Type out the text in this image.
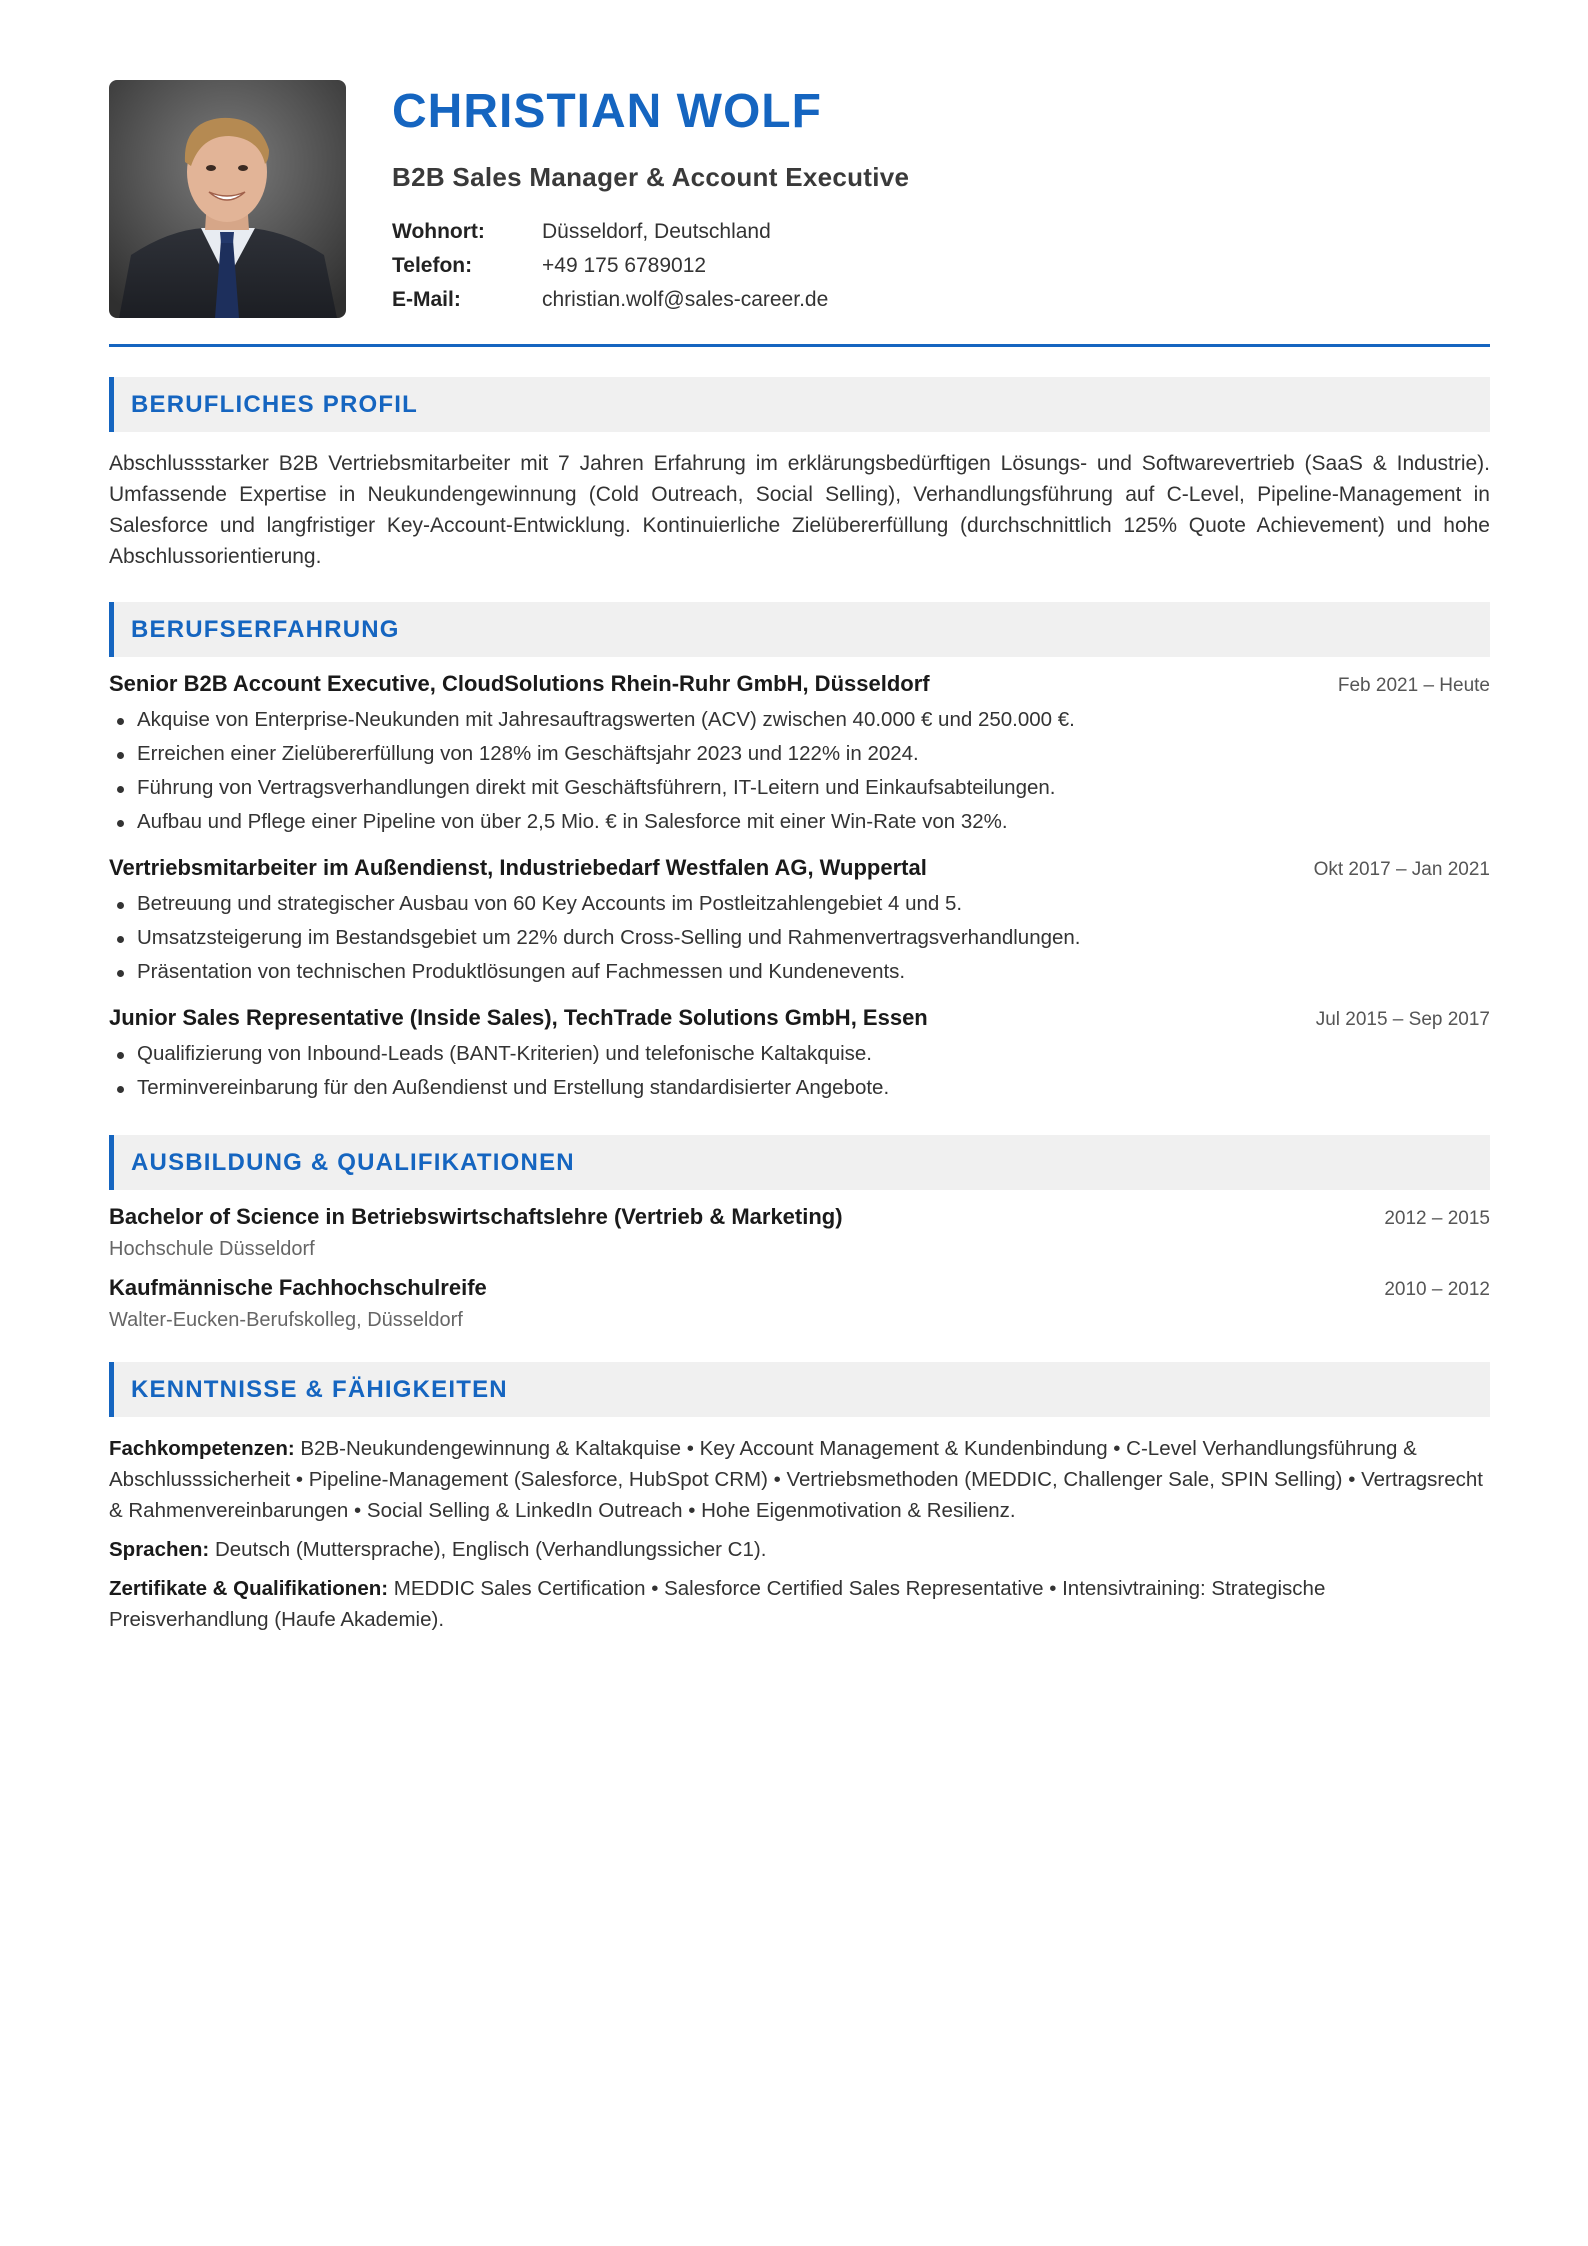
CHRISTIAN WOLF
B2B Sales Manager & Account Executive
Wohnort:	Düsseldorf, Deutschland
Telefon:	+49 175 6789012
E-Mail:	christian.wolf@sales-career.de
BERUFLICHES PROFIL

Abschlussstarker B2B Vertriebsmitarbeiter mit 7 Jahren Erfahrung im erklärungsbedürftigen Lösungs- und Softwarevertrieb (SaaS & Industrie). Umfassende Expertise in Neukundengewinnung (Cold Outreach, Social Selling), Verhandlungsführung auf C-Level, Pipeline-Management in Salesforce und langfristiger Key-Account-Entwicklung. Kontinuierliche Zielübererfüllung (durchschnittlich 125% Quote Achievement) und hohe Abschlussorientierung.

BERUFSERFAHRUNG
Senior B2B Account Executive, CloudSolutions Rhein-Ruhr GmbH, Düsseldorf	Feb 2021 – Heute
Akquise von Enterprise-Neukunden mit Jahresauftragswerten (ACV) zwischen 40.000 € und 250.000 €.
Erreichen einer Zielübererfüllung von 128% im Geschäftsjahr 2023 und 122% in 2024.
Führung von Vertragsverhandlungen direkt mit Geschäftsführern, IT-Leitern und Einkaufsabteilungen.
Aufbau und Pflege einer Pipeline von über 2,5 Mio. € in Salesforce mit einer Win-Rate von 32%.
Vertriebsmitarbeiter im Außendienst, Industriebedarf Westfalen AG, Wuppertal	Okt 2017 – Jan 2021
Betreuung und strategischer Ausbau von 60 Key Accounts im Postleitzahlengebiet 4 und 5.
Umsatzsteigerung im Bestandsgebiet um 22% durch Cross-Selling und Rahmenvertragsverhandlungen.
Präsentation von technischen Produktlösungen auf Fachmessen und Kundenevents.
Junior Sales Representative (Inside Sales), TechTrade Solutions GmbH, Essen	Jul 2015 – Sep 2017
Qualifizierung von Inbound-Leads (BANT-Kriterien) und telefonische Kaltakquise.
Terminvereinbarung für den Außendienst und Erstellung standardisierter Angebote.
AUSBILDUNG & QUALIFIKATIONEN
Bachelor of Science in Betriebswirtschaftslehre (Vertrieb & Marketing)	2012 – 2015
Hochschule Düsseldorf
Kaufmännische Fachhochschulreife	2010 – 2012
Walter-Eucken-Berufskolleg, Düsseldorf
KENNTNISSE & FÄHIGKEITEN

Fachkompetenzen: B2B-Neukundengewinnung & Kaltakquise • Key Account Management & Kundenbindung • C-Level Verhandlungsführung & Abschlusssicherheit • Pipeline-Management (Salesforce, HubSpot CRM) • Vertriebsmethoden (MEDDIC, Challenger Sale, SPIN Selling) • Vertragsrecht & Rahmenvereinbarungen • Social Selling & LinkedIn Outreach • Hohe Eigenmotivation & Resilienz.

Sprachen: Deutsch (Muttersprache), Englisch (Verhandlungssicher C1).

Zertifikate & Qualifikationen: MEDDIC Sales Certification • Salesforce Certified Sales Representative • Intensivtraining: Strategische Preisverhandlung (Haufe Akademie).
